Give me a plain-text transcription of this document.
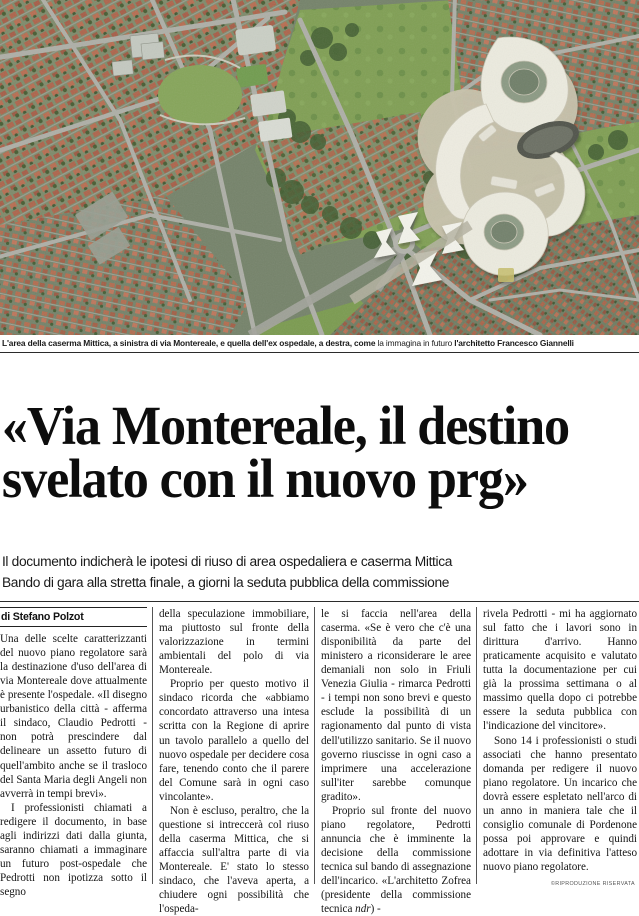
L'area della caserma Mittica, a sinistra di via Montereale, e quella dell'ex ospedale, a destra, come la immagina in futuro l'architetto Francesco Giannelli
«Via Montereale, il destino
svelato con il nuovo prg»
Il documento indicherà le ipotesi di riuso di area ospedaliera e caserma Mittica
Bando di gara alla stretta finale, a giorni la seduta pubblica della commissione
di Stefano Polzot

Una delle scelte caratterizzanti del nuovo piano regolatore sarà la destinazione d'uso dell'area di via Montereale dove attualmente è presente l'ospedale. «Il disegno urbanistico della città - afferma il sindaco, Claudio Pedrotti - non potrà prescindere dal delineare un assetto futuro di quell'ambito anche se il trasloco del Santa Maria degli Angeli non avverrà in tempi brevi».

I professionisti chiamati a redigere il documento, in base agli indirizzi dati dalla giunta, saranno chiamati a immaginare un futuro post-ospedale che Pedrotti non ipotizza sotto il segno

della speculazione immobiliare, ma piuttosto sul fronte della valorizzazione in termini ambientali del polo di via Montereale.

Proprio per questo motivo il sindaco ricorda che «abbiamo concordato attraverso una intesa scritta con la Regione di aprire un tavolo parallelo a quello del nuovo ospedale per decidere cosa fare, tenendo conto che il parere del Comune sarà in ogni caso vincolante».

Non è escluso, peraltro, che la questione si intreccerà col riuso della caserma Mittica, che si affaccia sull'altra parte di via Montereale. E' stato lo stesso sindaco, che l'aveva aperta, a chiudere ogni possibilità che l'ospeda-

le si faccia nell'area della caserma. «Se è vero che c'è una disponibilità da parte del ministero a riconsiderare le aree demaniali non solo in Friuli Venezia Giulia - rimarca Pedrotti - i tempi non sono brevi e questo esclude la possibilità di un ragionamento dal punto di vista dell'utilizzo sanitario. Se il nuovo governo riuscisse in ogni caso a imprimere una accelerazione sull'iter sarebbe comunque gradito».

Proprio sul fronte del nuovo piano regolatore, Pedrotti annuncia che è imminente la decisione della commissione tecnica sul bando di assegnazione dell'incarico. «L'architetto Zofrea (presidente della commissione tecnica ndr) -

rivela Pedrotti - mi ha aggiornato sul fatto che i lavori sono in dirittura d'arrivo. Hanno praticamente acquisito e valutato tutta la documentazione per cui già la prossima settimana o al massimo quella dopo ci potrebbe essere la seduta pubblica con l'indicazione del vincitore».

Sono 14 i professionisti o studi associati che hanno presentato domanda per redigere il nuovo piano regolatore. Un incarico che dovrà essere espletato nell'arco di un anno in maniera tale che il consiglio comunale di Pordenone possa poi approvare e quindi adottare in via definitiva l'atteso nuovo piano regolatore.

©RIPRODUZIONE RISERVATA
